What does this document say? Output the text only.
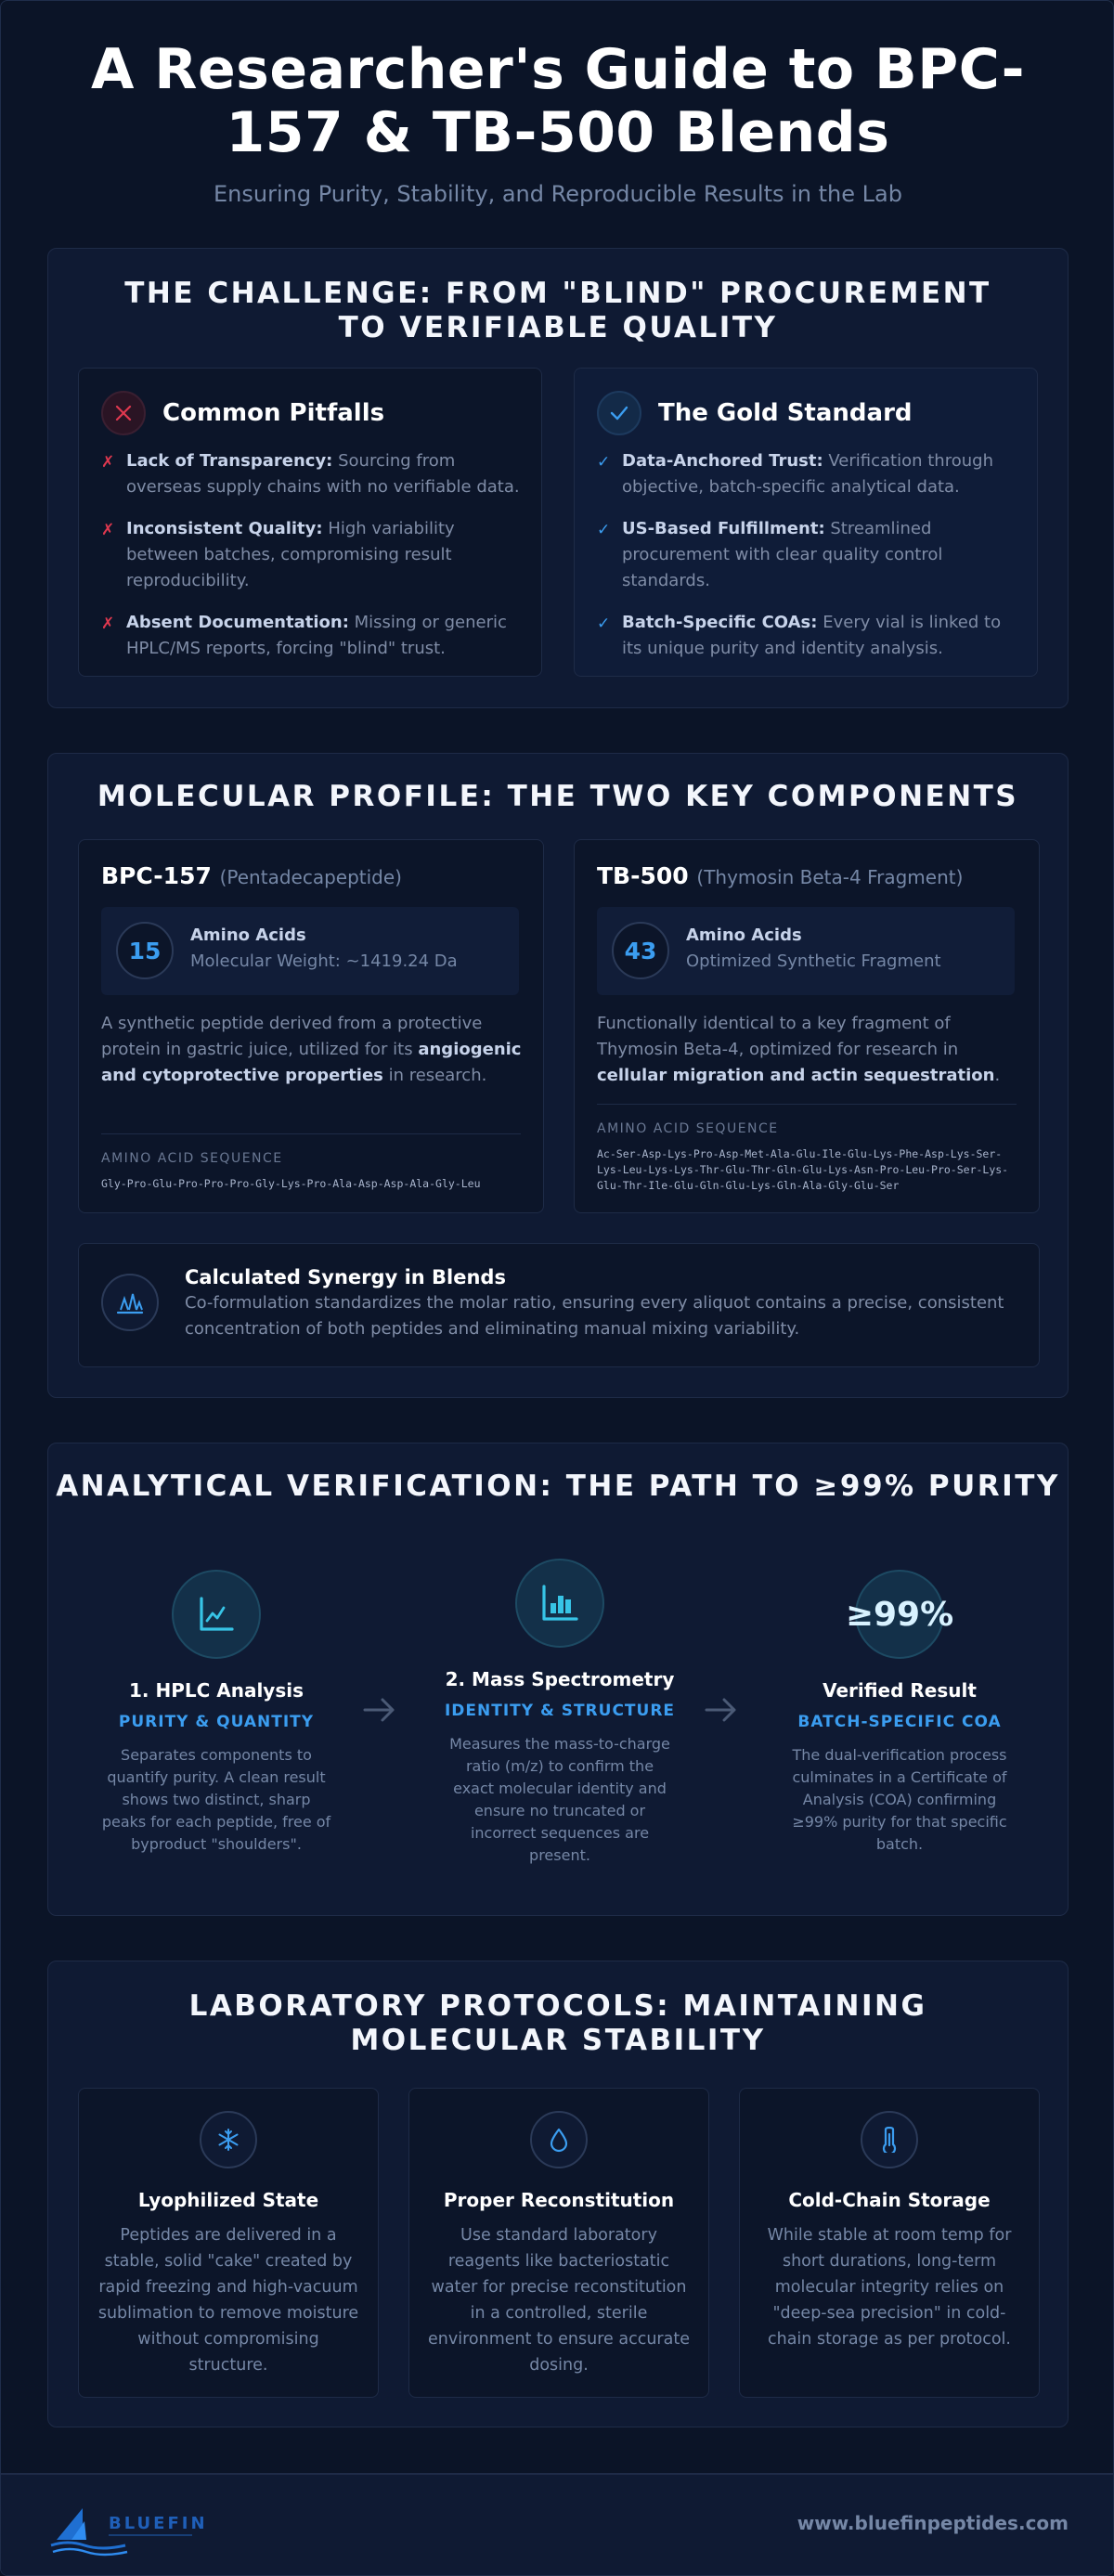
A Researcher's Guide to BPC-157 & TB-500 Blends
Ensuring Purity, Stability, and Reproducible Results in the Lab
THE CHALLENGE: FROM "BLIND" PROCUREMENT TO VERIFIABLE QUALITY
Common Pitfalls
✗ Lack of Transparency: Sourcing from overseas supply chains with no verifiable data.
✗ Inconsistent Quality: High variability between batches, compromising result reproducibility.
✗ Absent Documentation: Missing or generic HPLC/MS reports, forcing "blind" trust.
The Gold Standard
✓ Data-Anchored Trust: Verification through objective, batch-specific analytical data.
✓ US-Based Fulfillment: Streamlined procurement with clear quality control standards.
✓ Batch-Specific COAs: Every vial is linked to its unique purity and identity analysis.
MOLECULAR PROFILE: THE TWO KEY COMPONENTS
BPC-157 (Pentadecapeptide)
15
Amino Acids
Molecular Weight: ~1419.24 Da
A synthetic peptide derived from a protective protein in gastric juice, utilized for its angiogenic and cytoprotective properties in research.
AMINO ACID SEQUENCE
Gly-Pro-Glu-Pro-Pro-Pro-Gly-Lys-Pro-Ala-Asp-Asp-Ala-Gly-Leu
TB-500 (Thymosin Beta-4 Fragment)
43
Amino Acids
Optimized Synthetic Fragment
Functionally identical to a key fragment of Thymosin Beta-4, optimized for research in cellular migration and actin sequestration.
AMINO ACID SEQUENCE
Ac-Ser-Asp-Lys-Pro-Asp-Met-Ala-Glu-Ile-Glu-Lys-Phe-Asp-Lys-Ser-Lys-Leu-Lys-Lys-Thr-Glu-Thr-Gln-Glu-Lys-Asn-Pro-Leu-Pro-Ser-Lys-Glu-Thr-Ile-Glu-Gln-Glu-Lys-Gln-Ala-Gly-Glu-Ser
Calculated Synergy in Blends
Co-formulation standardizes the molar ratio, ensuring every aliquot contains a precise, consistent concentration of both peptides and eliminating manual mixing variability.
ANALYTICAL VERIFICATION: THE PATH TO ≥99% PURITY
1. HPLC Analysis
PURITY & QUANTITY
Separates components to quantify purity. A clean result shows two distinct, sharp peaks for each peptide, free of byproduct "shoulders".
2. Mass Spectrometry
IDENTITY & STRUCTURE
Measures the mass-to-charge ratio (m/z) to confirm the exact molecular identity and ensure no truncated or incorrect sequences are present.
≥99%
Verified Result
BATCH-SPECIFIC COA
The dual-verification process culminates in a Certificate of Analysis (COA) confirming ≥99% purity for that specific batch.
LABORATORY PROTOCOLS: MAINTAINING MOLECULAR STABILITY
Lyophilized State
Peptides are delivered in a stable, solid "cake" created by rapid freezing and high-vacuum sublimation to remove moisture without compromising structure.
Proper Reconstitution
Use standard laboratory reagents like bacteriostatic water for precise reconstitution in a controlled, sterile environment to ensure accurate dosing.
Cold-Chain Storage
While stable at room temp for short durations, long-term molecular integrity relies on "deep-sea precision" in cold-chain storage as per protocol.
BLUEFIN	www.bluefinpeptides.com
